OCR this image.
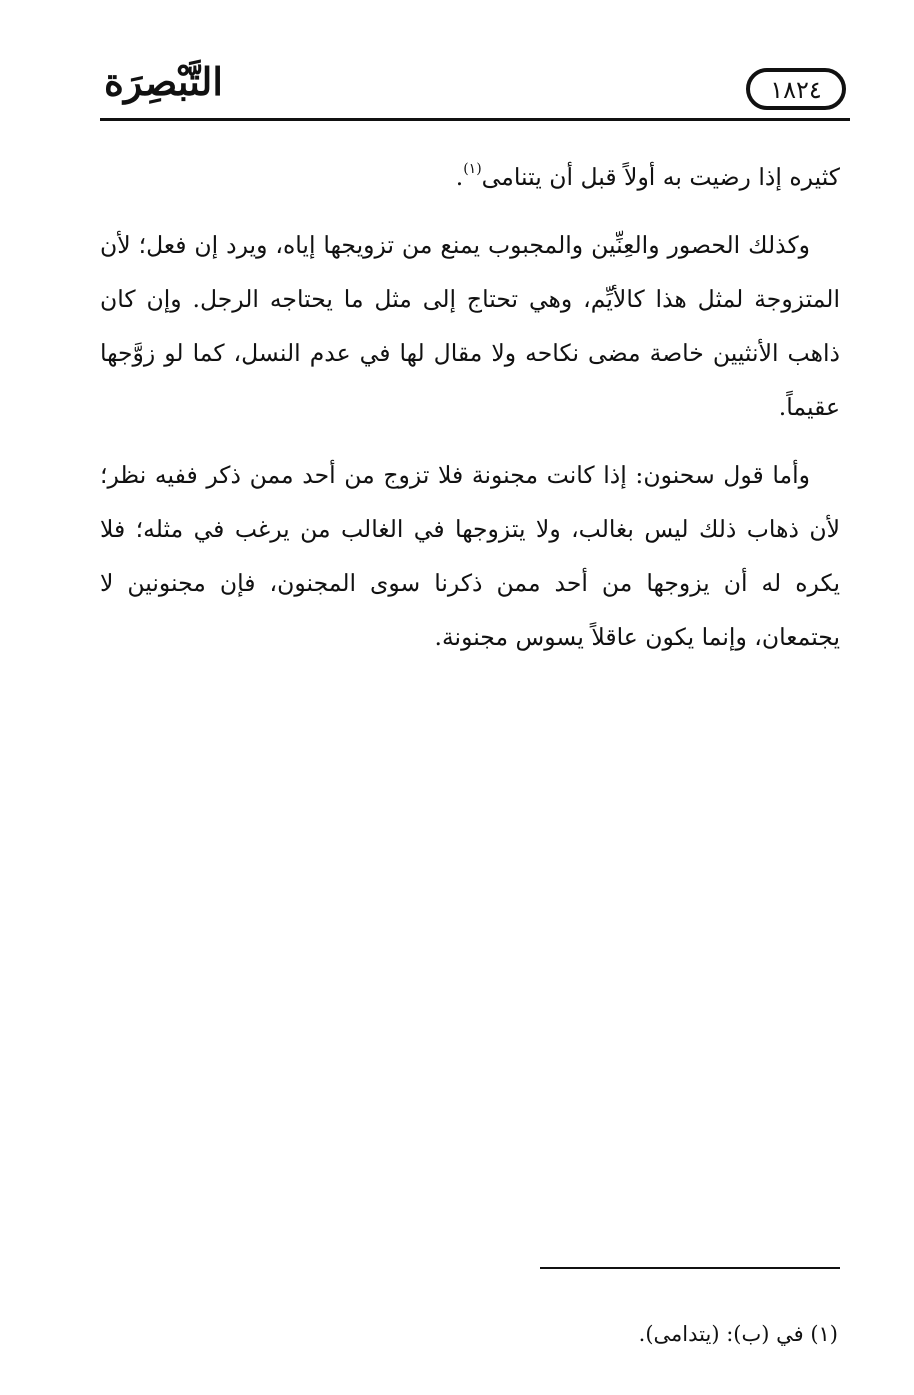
التَّبْصِرَة	١٨٢٤

كثيره إذا رضيت به أولاً قبل أن يتنامى$^{(١)}$.

وكذلك الحصور والعِنِّين والمجبوب يمنع من تزويجها إياه، ويرد إن فعل؛ لأن المتزوجة لمثل هذا كالأيِّم، وهي تحتاج إلى مثل ما يحتاجه الرجل. وإن كان ذاهب الأنثيين خاصة مضى نكاحه ولا مقال لها في عدم النسل، كما لو زوَّجها عقيماً.

وأما قول سحنون: إذا كانت مجنونة فلا تزوج من أحد ممن ذكر ففيه نظر؛ لأن ذهاب ذلك ليس بغالب، ولا يتزوجها في الغالب من يرغب في مثله؛ فلا يكره له أن يزوجها من أحد ممن ذكرنا سوى المجنون، فإن مجنونين لا يجتمعان، وإنما يكون عاقلاً يسوس مجنونة.

(١) في (ب): (يتدامى).
